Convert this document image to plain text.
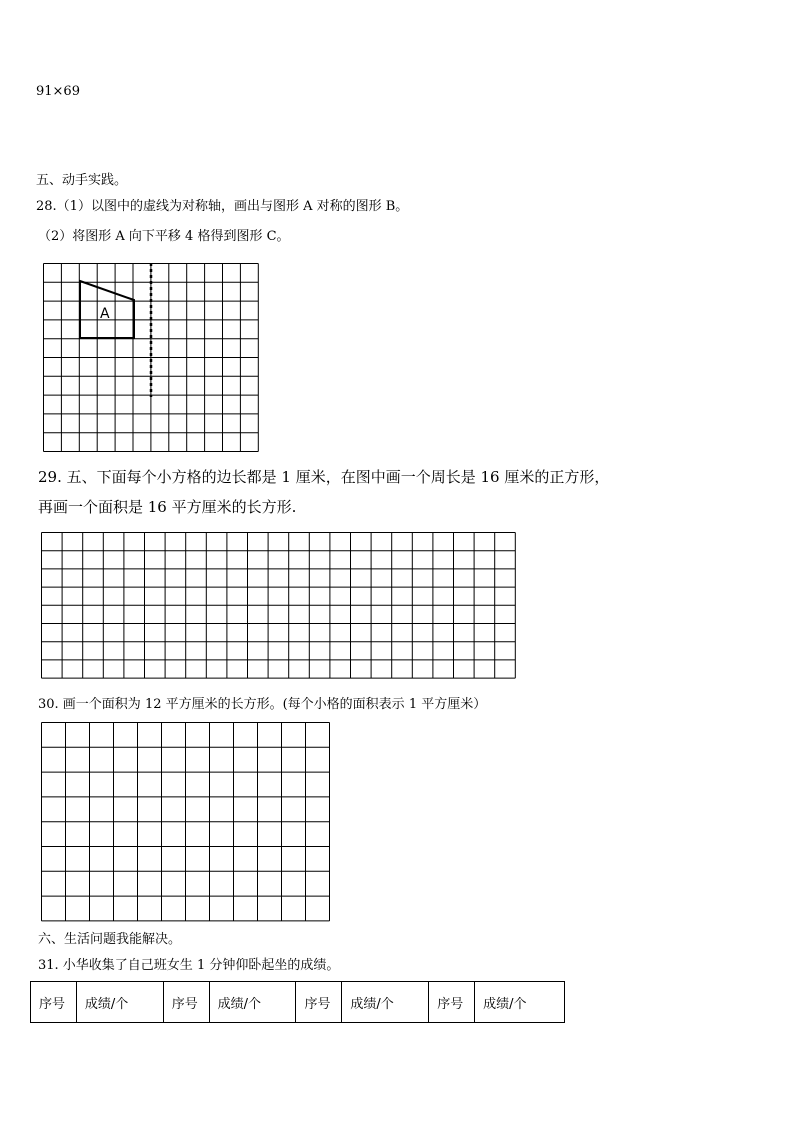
91×69
五、动手实践。
28.（1）以图中的虚线为对称轴，画出与图形 A 对称的图形 B。
（2）将图形 A 向下平移 4 格得到图形 C。
A
29. 五、下面每个小方格的边长都是 1 厘米，在图中画一个周长是 16 厘米的正方形，
再画一个面积是 16 平方厘米的长方形.
30. 画一个面积为 12 平方厘米的长方形。(每个小格的面积表示 1 平方厘米）
六、生活问题我能解决。
31. 小华收集了自己班女生 1 分钟仰卧起坐的成绩。
序号	成绩/个	序号	成绩/个	序号	成绩/个	序号	成绩/个
